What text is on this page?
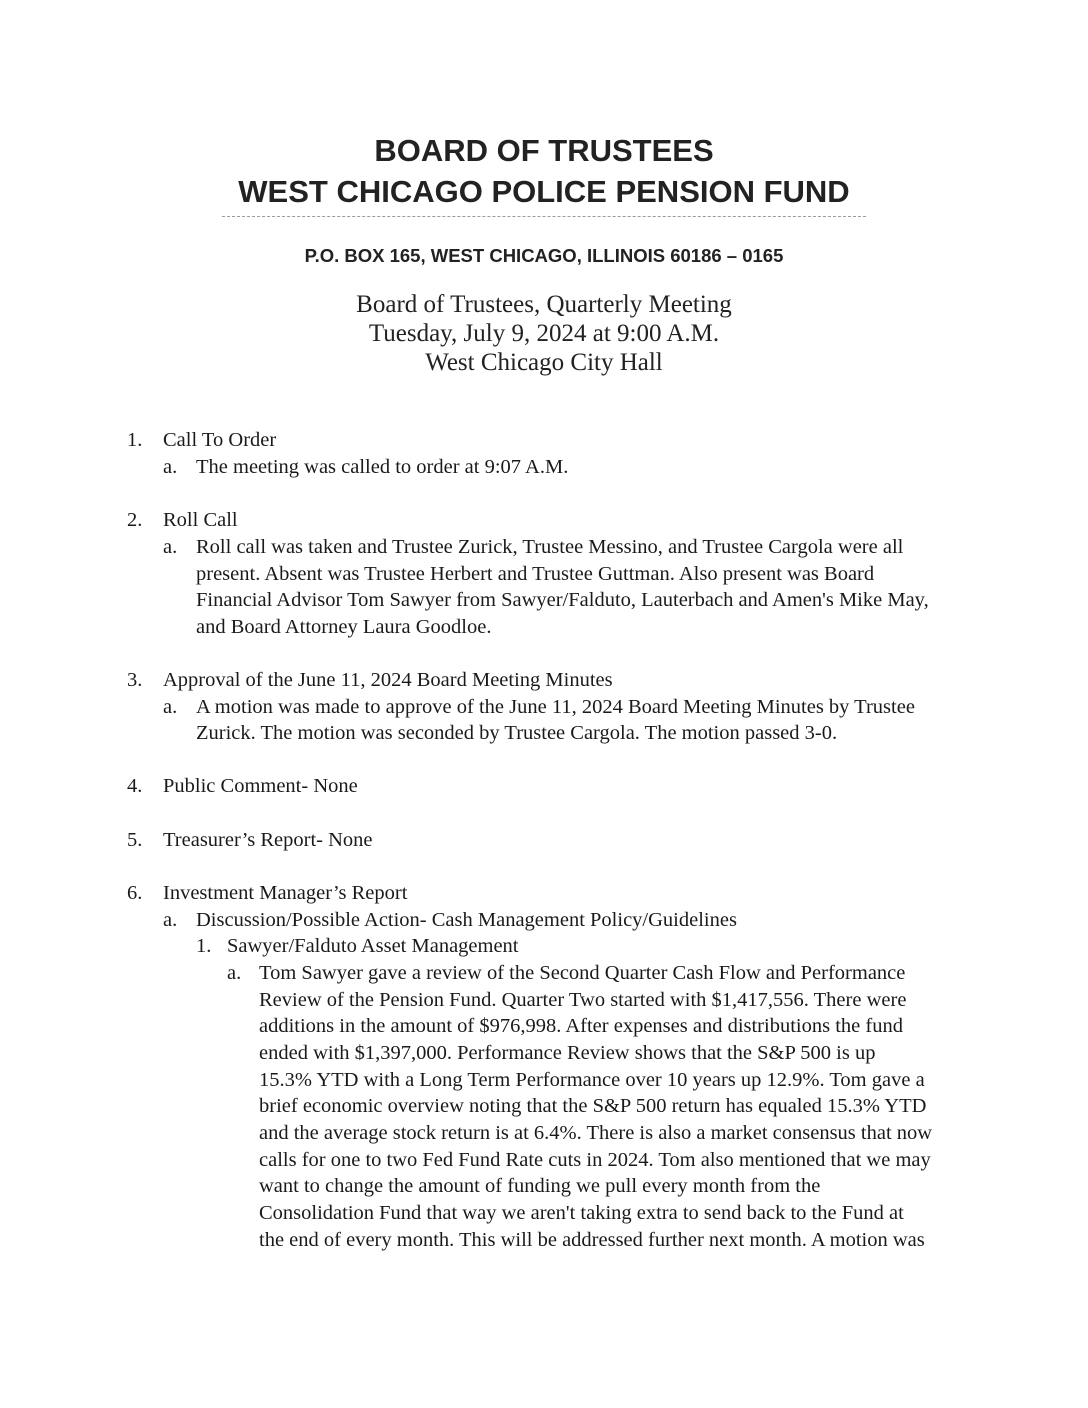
BOARD OF TRUSTEES
WEST CHICAGO POLICE PENSION FUND
P.O. BOX 165, WEST CHICAGO, ILLINOIS 60186 – 0165
Board of Trustees, Quarterly Meeting
Tuesday, July 9, 2024 at 9:00 A.M.
West Chicago City Hall
1. Call To Order
a. The meeting was called to order at 9:07 A.M.
2. Roll Call
a. Roll call was taken and Trustee Zurick, Trustee Messino, and Trustee Cargola were all
present. Absent was Trustee Herbert and Trustee Guttman. Also present was Board
Financial Advisor Tom Sawyer from Sawyer/Falduto, Lauterbach and Amen's Mike May,
and Board Attorney Laura Goodloe.
3. Approval of the June 11, 2024 Board Meeting Minutes
a. A motion was made to approve of the June 11, 2024 Board Meeting Minutes by Trustee
Zurick. The motion was seconded by Trustee Cargola. The motion passed 3-0.
4. Public Comment- None
5. Treasurer’s Report- None
6. Investment Manager’s Report
a. Discussion/Possible Action- Cash Management Policy/Guidelines
1. Sawyer/Falduto Asset Management
a. Tom Sawyer gave a review of the Second Quarter Cash Flow and Performance
Review of the Pension Fund. Quarter Two started with $1,417,556. There were
additions in the amount of $976,998. After expenses and distributions the fund
ended with $1,397,000. Performance Review shows that the S&P 500 is up
15.3% YTD with a Long Term Performance over 10 years up 12.9%. Tom gave a
brief economic overview noting that the S&P 500 return has equaled 15.3% YTD
and the average stock return is at 6.4%. There is also a market consensus that now
calls for one to two Fed Fund Rate cuts in 2024. Tom also mentioned that we may
want to change the amount of funding we pull every month from the
Consolidation Fund that way we aren't taking extra to send back to the Fund at
the end of every month. This will be addressed further next month. A motion was
